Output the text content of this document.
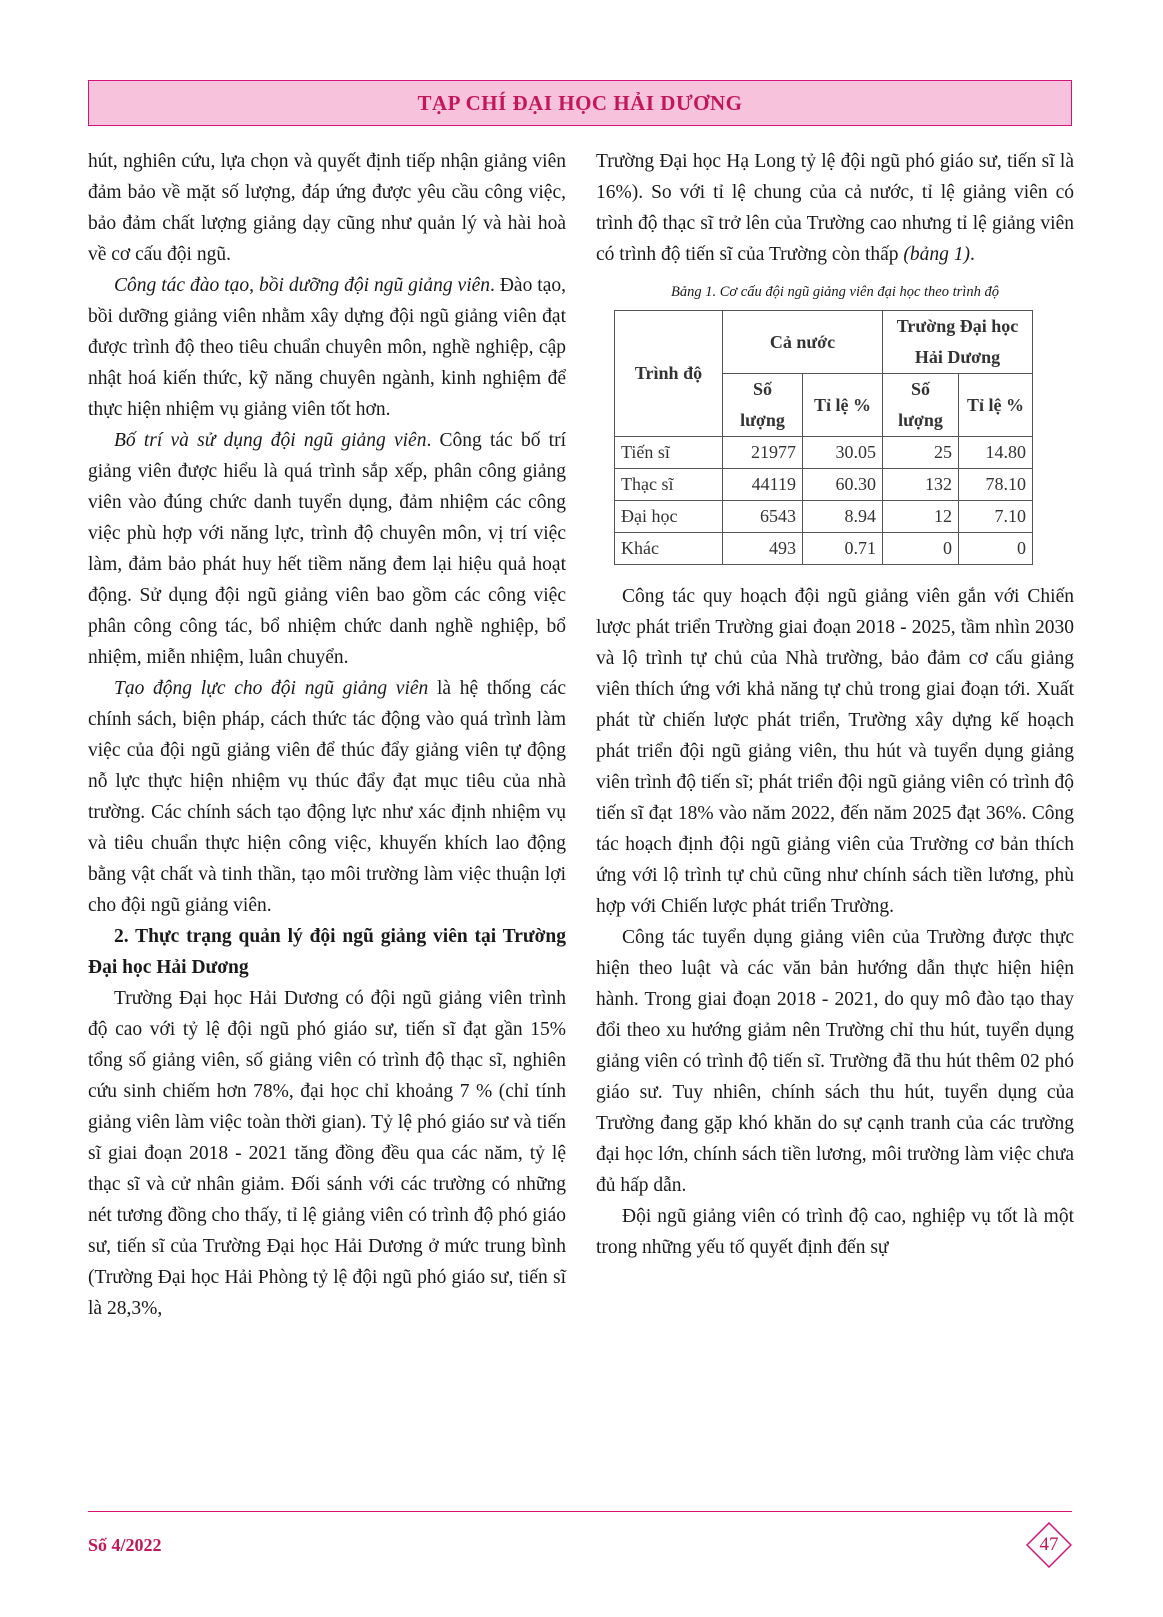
TẠP CHÍ ĐẠI HỌC HẢI DƯƠNG

hút, nghiên cứu, lựa chọn và quyết định tiếp nhận giảng viên đảm bảo về mặt số lượng, đáp ứng được yêu cầu công việc, bảo đảm chất lượng giảng dạy cũng như quản lý và hài hoà về cơ cấu đội ngũ.

Công tác đào tạo, bồi dưỡng đội ngũ giảng viên. Đào tạo, bồi dưỡng giảng viên nhằm xây dựng đội ngũ giảng viên đạt được trình độ theo tiêu chuẩn chuyên môn, nghề nghiệp, cập nhật hoá kiến thức, kỹ năng chuyên ngành, kinh nghiệm để thực hiện nhiệm vụ giảng viên tốt hơn.

Bố trí và sử dụng đội ngũ giảng viên. Công tác bố trí giảng viên được hiểu là quá trình sắp xếp, phân công giảng viên vào đúng chức danh tuyển dụng, đảm nhiệm các công việc phù hợp với năng lực, trình độ chuyên môn, vị trí việc làm, đảm bảo phát huy hết tiềm năng đem lại hiệu quả hoạt động. Sử dụng đội ngũ giảng viên bao gồm các công việc phân công công tác, bổ nhiệm chức danh nghề nghiệp, bổ nhiệm, miễn nhiệm, luân chuyển.

Tạo động lực cho đội ngũ giảng viên là hệ thống các chính sách, biện pháp, cách thức tác động vào quá trình làm việc của đội ngũ giảng viên để thúc đẩy giảng viên tự động nỗ lực thực hiện nhiệm vụ thúc đẩy đạt mục tiêu của nhà trường. Các chính sách tạo động lực như xác định nhiệm vụ và tiêu chuẩn thực hiện công việc, khuyến khích lao động bằng vật chất và tinh thần, tạo môi trường làm việc thuận lợi cho đội ngũ giảng viên.

2. Thực trạng quản lý đội ngũ giảng viên tại Trường Đại học Hải Dương

Trường Đại học Hải Dương có đội ngũ giảng viên trình độ cao với tỷ lệ đội ngũ phó giáo sư, tiến sĩ đạt gần 15% tổng số giảng viên, số giảng viên có trình độ thạc sĩ, nghiên cứu sinh chiếm hơn 78%, đại học chỉ khoảng 7 % (chỉ tính giảng viên làm việc toàn thời gian). Tỷ lệ phó giáo sư và tiến sĩ giai đoạn 2018 - 2021 tăng đồng đều qua các năm, tỷ lệ thạc sĩ và cử nhân giảm. Đối sánh với các trường có những nét tương đồng cho thấy, tỉ lệ giảng viên có trình độ phó giáo sư, tiến sĩ của Trường Đại học Hải Dương ở mức trung bình (Trường Đại học Hải Phòng tỷ lệ đội ngũ phó giáo sư, tiến sĩ là 28,3%,

Trường Đại học Hạ Long tỷ lệ đội ngũ phó giáo sư, tiến sĩ là 16%). So với tỉ lệ chung của cả nước, tỉ lệ giảng viên có trình độ thạc sĩ trở lên của Trường cao nhưng tỉ lệ giảng viên có trình độ tiến sĩ của Trường còn thấp (bảng 1).

Bảng 1. Cơ cấu đội ngũ giảng viên đại học theo trình độ
Trình độ	Cả nước		Trường Đại học Hải Dương	
	Số lượng	Tỉ lệ %	Số lượng	Tỉ lệ %
Tiến sĩ	21977	30.05	25	14.80
Thạc sĩ	44119	60.30	132	78.10
Đại học	6543	8.94	12	7.10
Khác	493	0.71	0	0

Công tác quy hoạch đội ngũ giảng viên gắn với Chiến lược phát triển Trường giai đoạn 2018 - 2025, tầm nhìn 2030 và lộ trình tự chủ của Nhà trường, bảo đảm cơ cấu giảng viên thích ứng với khả năng tự chủ trong giai đoạn tới. Xuất phát từ chiến lược phát triển, Trường xây dựng kế hoạch phát triển đội ngũ giảng viên, thu hút và tuyển dụng giảng viên trình độ tiến sĩ; phát triển đội ngũ giảng viên có trình độ tiến sĩ đạt 18% vào năm 2022, đến năm 2025 đạt 36%. Công tác hoạch định đội ngũ giảng viên của Trường cơ bản thích ứng với lộ trình tự chủ cũng như chính sách tiền lương, phù hợp với Chiến lược phát triển Trường.

Công tác tuyển dụng giảng viên của Trường được thực hiện theo luật và các văn bản hướng dẫn thực hiện hiện hành. Trong giai đoạn 2018 - 2021, do quy mô đào tạo thay đổi theo xu hướng giảm nên Trường chỉ thu hút, tuyển dụng giảng viên có trình độ tiến sĩ. Trường đã thu hút thêm 02 phó giáo sư. Tuy nhiên, chính sách thu hút, tuyển dụng của Trường đang gặp khó khăn do sự cạnh tranh của các trường đại học lớn, chính sách tiền lương, môi trường làm việc chưa đủ hấp dẫn.

Đội ngũ giảng viên có trình độ cao, nghiệp vụ tốt là một trong những yếu tố quyết định đến sự

Số 4/2022	47
